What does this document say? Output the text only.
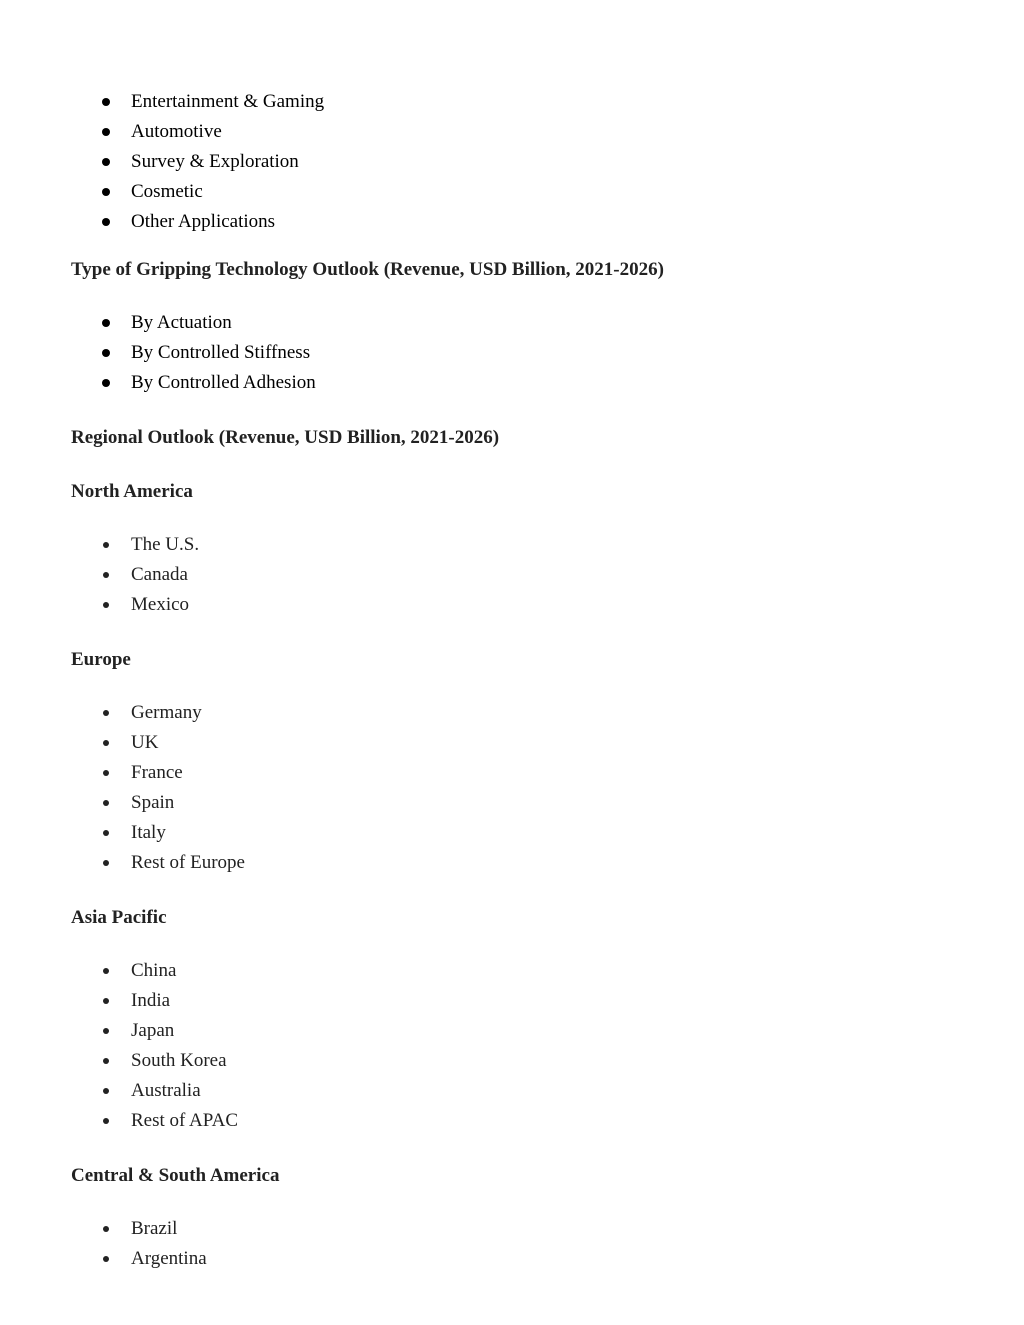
Entertainment & Gaming
Automotive
Survey & Exploration
Cosmetic
Other Applications
Type of Gripping Technology Outlook (Revenue, USD Billion, 2021-2026)
By Actuation
By Controlled Stiffness
By Controlled Adhesion
Regional Outlook (Revenue, USD Billion, 2021-2026)
North America
The U.S.
Canada
Mexico
Europe
Germany
UK
France
Spain
Italy
Rest of Europe
Asia Pacific
China
India
Japan
South Korea
Australia
Rest of APAC
Central & South America
Brazil
Argentina
